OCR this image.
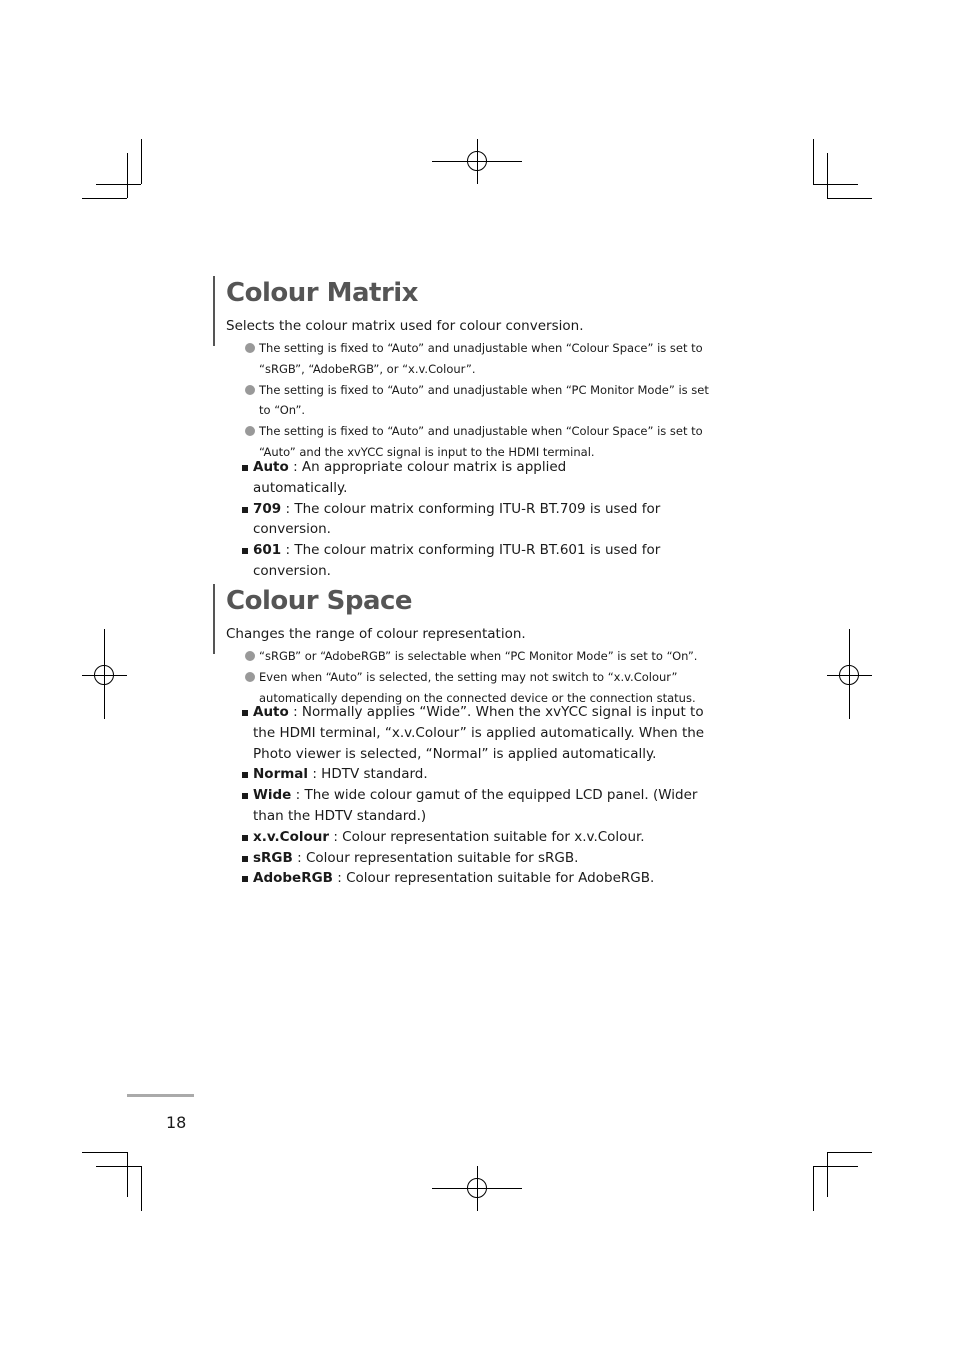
Colour Matrix
Selects the colour matrix used for colour conversion.
The setting is fixed to “Auto” and unadjustable when “Colour Space” is set to “sRGB”, “AdobeRGB”, or “x.v.Colour”.
The setting is fixed to “Auto” and unadjustable when “PC Monitor Mode” is set to “On”.
The setting is fixed to “Auto” and unadjustable when “Colour Space” is set to “Auto” and the xvYCC signal is input to the HDMI terminal.
Auto : An appropriate colour matrix is applied automatically.
709 : The colour matrix conforming ITU-R BT.709 is used for conversion.
601 : The colour matrix conforming ITU-R BT.601 is used for conversion.
Colour Space
Changes the range of colour representation.
“sRGB” or “AdobeRGB” is selectable when “PC Monitor Mode” is set to “On”.
Even when “Auto” is selected, the setting may not switch to “x.v.Colour” automatically depending on the connected device or the connection status.
Auto : Normally applies “Wide”. When the xvYCC signal is input to the HDMI terminal, “x.v.Colour” is applied automatically. When the Photo viewer is selected, “Normal” is applied automatically.
Normal : HDTV standard.
Wide : The wide colour gamut of the equipped LCD panel. (Wider than the HDTV standard.)
x.v.Colour : Colour representation suitable for x.v.Colour.
sRGB : Colour representation suitable for sRGB.
AdobeRGB : Colour representation suitable for AdobeRGB.
18
